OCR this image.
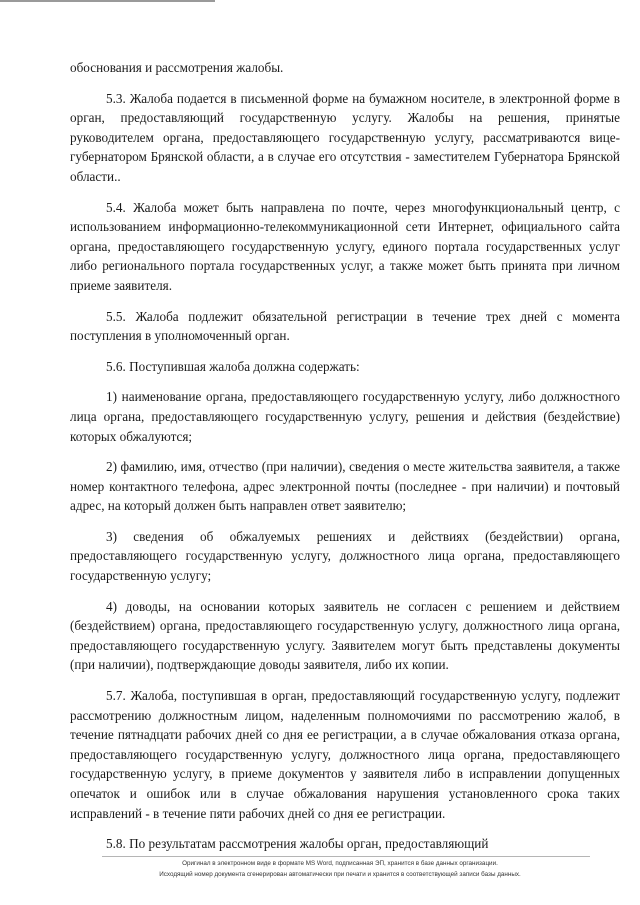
обоснования и рассмотрения жалобы.

5.3. Жалоба подается в письменной форме на бумажном носителе, в электронной форме в орган, предоставляющий государственную услугу. Жалобы на решения, принятые руководителем органа, предоставляющего государственную услугу, рассматриваются вице-губернатором Брянской области, а в случае его отсутствия - заместителем Губернатора Брянской области..

5.4. Жалоба может быть направлена по почте, через многофункциональный центр, с использованием информационно-телекоммуникационной сети Интернет, официального сайта органа, предоставляющего государственную услугу, единого портала государственных услуг либо регионального портала государственных услуг, а также может быть принята при личном приеме заявителя.

5.5. Жалоба подлежит обязательной регистрации в течение трех дней с момента поступления в уполномоченный орган.

5.6. Поступившая жалоба должна содержать:

1) наименование органа, предоставляющего государственную услугу, либо должностного лица органа, предоставляющего государственную услугу, решения и действия (бездействие) которых обжалуются;

2) фамилию, имя, отчество (при наличии), сведения о месте жительства заявителя, а также номер контактного телефона, адрес электронной почты (последнее - при наличии) и почтовый адрес, на который должен быть направлен ответ заявителю;

3) сведения об обжалуемых решениях и действиях (бездействии) органа, предоставляющего государственную услугу, должностного лица органа, предоставляющего государственную услугу;

4) доводы, на основании которых заявитель не согласен с решением и действием (бездействием) органа, предоставляющего государственную услугу, должностного лица органа, предоставляющего государственную услугу. Заявителем могут быть представлены документы (при наличии), подтверждающие доводы заявителя, либо их копии.

5.7. Жалоба, поступившая в орган, предоставляющий государственную услугу, подлежит рассмотрению должностным лицом, наделенным полномочиями по рассмотрению жалоб, в течение пятнадцати рабочих дней со дня ее регистрации, а в случае обжалования отказа органа, предоставляющего государственную услугу, должностного лица органа, предоставляющего государственную услугу, в приеме документов у заявителя либо в исправлении допущенных опечаток и ошибок или в случае обжалования нарушения установленного срока таких исправлений - в течение пяти рабочих дней со дня ее регистрации.

5.8. По результатам рассмотрения жалобы орган, предоставляющий

Оригинал в электронном виде в формате MS Word, подписанная ЭП, хранится в базе данных организации.
Исходящий номер документа сгенерирован автоматически при печати и хранится в соответствующей записи базы данных.
